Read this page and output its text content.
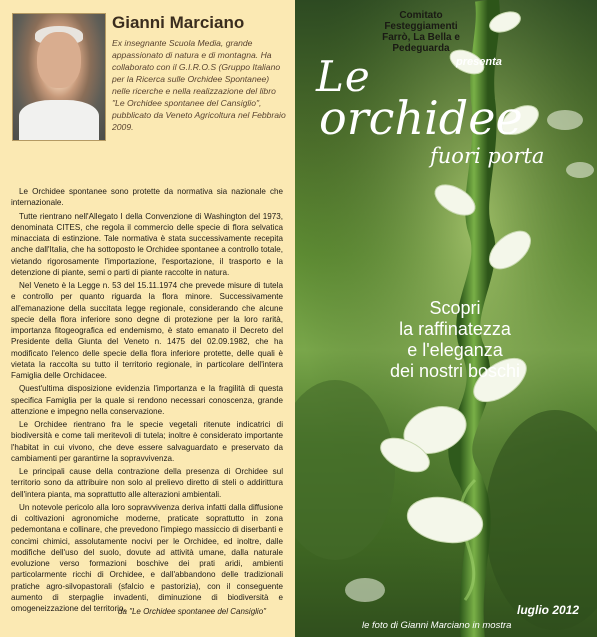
Gianni Marciano

Ex insegnante Scuola Media, grande appassionato di natura e di montagna. Ha collaborato con il G.I.R.O.S (Gruppo Italiano per la Ricerca sulle Orchidee Spontanee) nelle ricerche e nella realizzazione del libro "Le Orchidee spontanee del Cansiglio", pubblicato da Veneto Agricoltura nel Febbraio 2009.

Le Orchidee spontanee sono protette da normativa sia nazionale che internazionale.

Tutte rientrano nell'Allegato I della Convenzione di Washington del 1973, denominata CITES, che regola il commercio delle specie di flora selvatica minacciata di estinzione. Tale normativa è stata successivamente recepita anche dall'Italia, che ha sottoposto le Orchidee spontanee a controllo totale, vietando rigorosamente l'importazione, l'esportazione, il trasporto e la detenzione di piante, semi o parti di piante raccolte in natura.

Nel Veneto è la Legge n. 53 del 15.11.1974 che prevede misure di tutela e controllo per quanto riguarda la flora minore. Successivamente all'emanazione della succitata legge regionale, considerando che alcune specie della flora inferiore sono degne di protezione per la loro rarità, importanza fitogeografica ed endemismo, è stato emanato il Decreto del Presidente della Giunta del Veneto n. 1475 del 02.09.1982, che ha modificato l'elenco delle specie della flora inferiore protette, delle quali è vietata la raccolta su tutto il territorio regionale, in particolare dell'intera Famiglia delle Orchidacee.

Quest'ultima disposizione evidenzia l'importanza e la fragilità di questa specifica Famiglia per la quale si rendono necessari conoscenza, grande attenzione e impegno nella conservazione.

Le Orchidee rientrano fra le specie vegetali ritenute indicatrici di biodiversità e come tali meritevoli di tutela; inoltre è considerato importante l'habitat in cui vivono, che deve essere salvaguardato e preservato da cambiamenti per garantirne la sopravvivenza.

Le principali cause della contrazione della presenza di Orchidee sul territorio sono da attribuire non solo al prelievo diretto di steli o addirittura dell'intera pianta, ma soprattutto alle alterazioni ambientali.

Un notevole pericolo alla loro sopravvivenza deriva infatti dalla diffusione di coltivazioni agronomiche moderne, praticate soprattutto in zona pedemontana e collinare, che prevedono l'impiego massiccio di diserbanti e concimi chimici, assolutamente nocivi per le Orchidee, ed inoltre, dalle modifiche dell'uso del suolo, dovute ad attività umane, dalla naturale evoluzione verso formazioni boschive dei prati aridi, ambienti particolarmente ricchi di Orchidee, e dall'abbandono delle tradizionali pratiche agro-silvopastorali (sfalcio e pastorizia), con il conseguente aumento di sterpaglie invadenti, diminuzione di biodiversità e omogeneizzazione del territorio.

da "Le Orchidee spontanee del Cansiglio"
Comitato
Festeggiamenti
Farrò, La Bella e Pedeguarda
presenta
Le
orchidee
fuori porta
Scopri
la raffinatezza
e l'eleganza
dei nostri boschi
luglio 2012
le foto di Gianni Marciano in mostra
